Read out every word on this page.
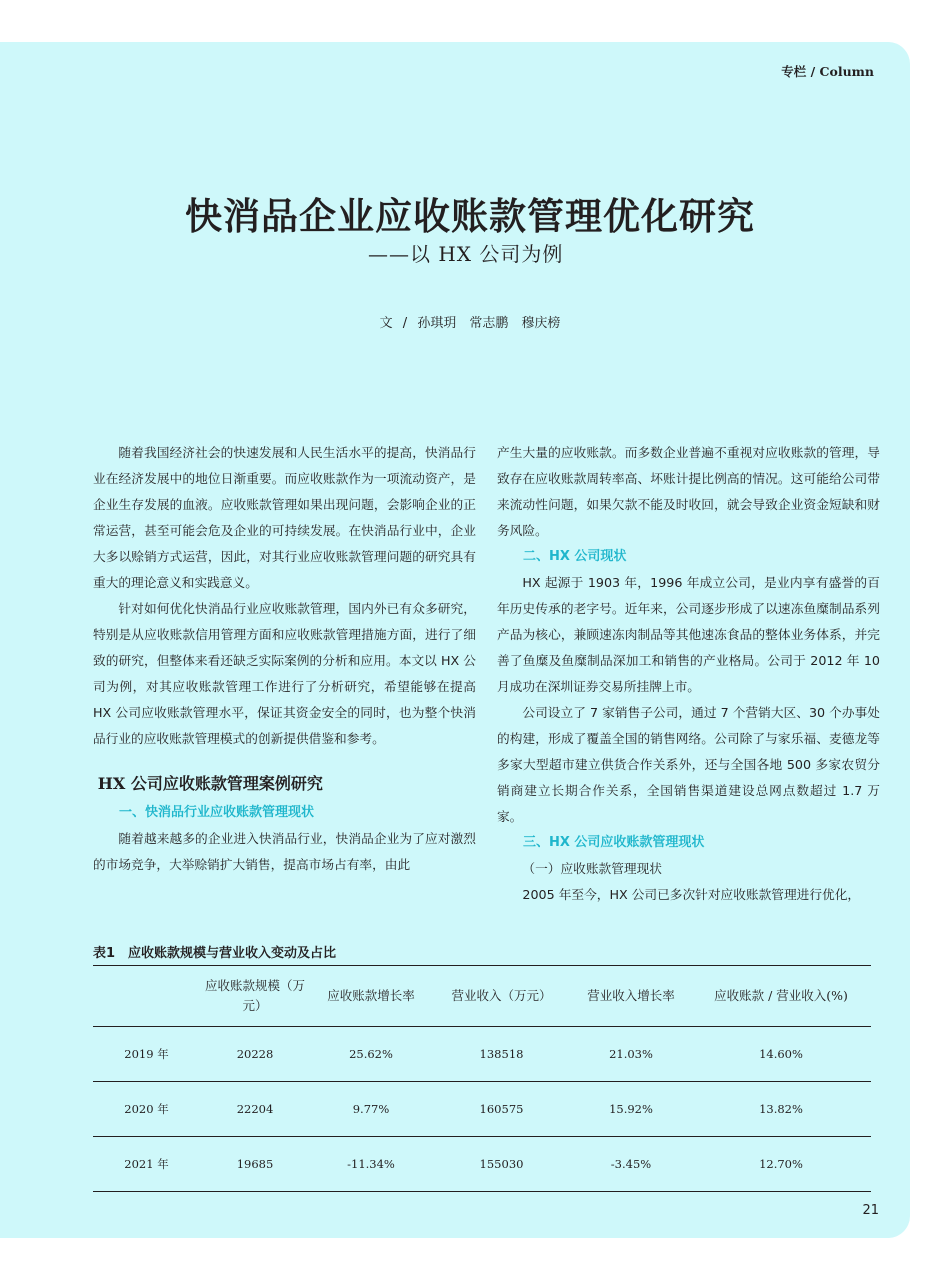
专栏 / Column
快消品企业应收账款管理优化研究
——以 HX 公司为例
文 / 孙琪玥　常志鹏　穆庆榜

随着我国经济社会的快速发展和人民生活水平的提高，快消品行业在经济发展中的地位日渐重要。而应收账款作为一项流动资产，是企业生存发展的血液。应收账款管理如果出现问题，会影响企业的正常运营，甚至可能会危及企业的可持续发展。在快消品行业中，企业大多以赊销方式运营，因此，对其行业应收账款管理问题的研究具有重大的理论意义和实践意义。

针对如何优化快消品行业应收账款管理，国内外已有众多研究，特别是从应收账款信用管理方面和应收账款管理措施方面，进行了细致的研究，但整体来看还缺乏实际案例的分析和应用。本文以 HX 公司为例，对其应收账款管理工作进行了分析研究，希望能够在提高 HX 公司应收账款管理水平，保证其资金安全的同时，也为整个快消品行业的应收账款管理模式的创新提供借鉴和参考。

HX 公司应收账款管理案例研究
一、快消品行业应收账款管理现状

随着越来越多的企业进入快消品行业，快消品企业为了应对激烈的市场竞争，大举赊销扩大销售，提高市场占有率，由此

产生大量的应收账款。而多数企业普遍不重视对应收账款的管理，导致存在应收账款周转率高、坏账计提比例高的情况。这可能给公司带来流动性问题，如果欠款不能及时收回，就会导致企业资金短缺和财务风险。

二、HX 公司现状

HX 起源于 1903 年，1996 年成立公司，是业内享有盛誉的百年历史传承的老字号。近年来，公司逐步形成了以速冻鱼糜制品系列产品为核心，兼顾速冻肉制品等其他速冻食品的整体业务体系，并完善了鱼糜及鱼糜制品深加工和销售的产业格局。公司于 2012 年 10 月成功在深圳证券交易所挂牌上市。

公司设立了 7 家销售子公司，通过 7 个营销大区、30 个办事处的构建，形成了覆盖全国的销售网络。公司除了与家乐福、麦德龙等多家大型超市建立供货合作关系外，还与全国各地 500 多家农贸分销商建立长期合作关系，全国销售渠道建设总网点数超过 1.7 万家。

三、HX 公司应收账款管理现状

（一）应收账款管理现状

2005 年至今，HX 公司已多次针对应收账款管理进行优化，

表1　应收账款规模与营业收入变动及占比
	应收账款规模（万元）	应收账款增长率	营业收入（万元）	营业收入增长率	应收账款 / 营业收入(%)
2019 年	20228	25.62%	138518	21.03%	14.60%
2020 年	22204	9.77%	160575	15.92%	13.82%
2021 年	19685	-11.34%	155030	-3.45%	12.70%
21
